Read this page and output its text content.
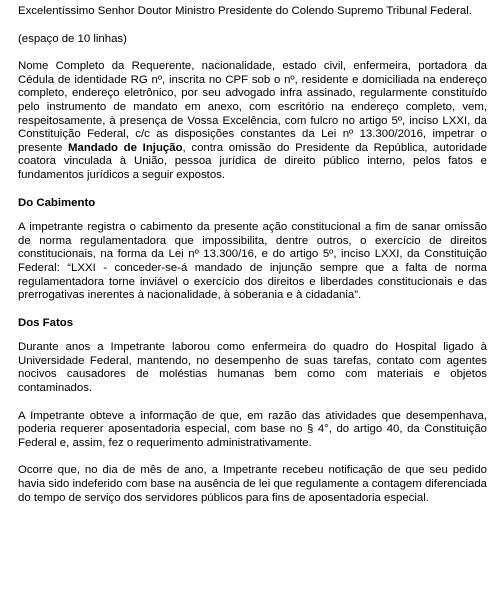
Excelentíssimo Senhor Doutor Ministro Presidente do Colendo Supremo Tribunal Federal.

(espaço de 10 linhas)

Nome Completo da Requerente, nacionalidade, estado civil, enfermeira, portadora da Cédula de identidade RG nº, inscrita no CPF sob o nº, residente e domiciliada na endereço completo, endereço eletrônico, por seu advogado infra assinado, regularmente constituído pelo instrumento de mandato em anexo, com escritório na endereço completo, vem, respeitosamente, à presença de Vossa Excelência, com fulcro no artigo 5º, inciso LXXI, da Constituição Federal, c/c as disposições constantes da Lei nº 13.300/2016, impetrar o presente Mandado de Injução, contra omissão do Presidente da República, autoridade coatora vinculada à União, pessoa jurídica de direito público interno, pelos fatos e fundamentos jurídicos a seguir expostos.

Do Cabimento

A impetrante registra o cabimento da presente ação constitucional a fim de sanar omissão de norma regulamentadora que impossibilita, dentre outros, o exercício de direitos constitucionais, na forma da Lei nº 13.300/16, e do artigo 5º, inciso LXXI, da Constituição Federal: “LXXI - conceder-se-á mandado de injunção sempre que a falta de norma regulamentadora torne inviável o exercício dos direitos e liberdades constitucionais e das prerrogativas inerentes à nacionalidade, à soberania e à cidadania”.

Dos Fatos

Durante anos a Impetrante laborou como enfermeira do quadro do Hospital ligado à Universidade Federal, mantendo, no desempenho de suas tarefas, contato com agentes nocivos causadores de moléstias humanas bem como com materiais e objetos contaminados.

A Impetrante obteve a informação de que, em razão das atividades que desempenhava, poderia requerer aposentadoria especial, com base no § 4°, do artigo 40, da Constituição Federal e, assim, fez o requerimento administrativamente.

Ocorre que, no dia de mês de ano, a Impetrante recebeu notificação de que seu pedido havia sido indeferido com base na ausência de lei que regulamente a contagem diferenciada do tempo de serviço dos servidores públicos para fins de aposentadoria especial.
